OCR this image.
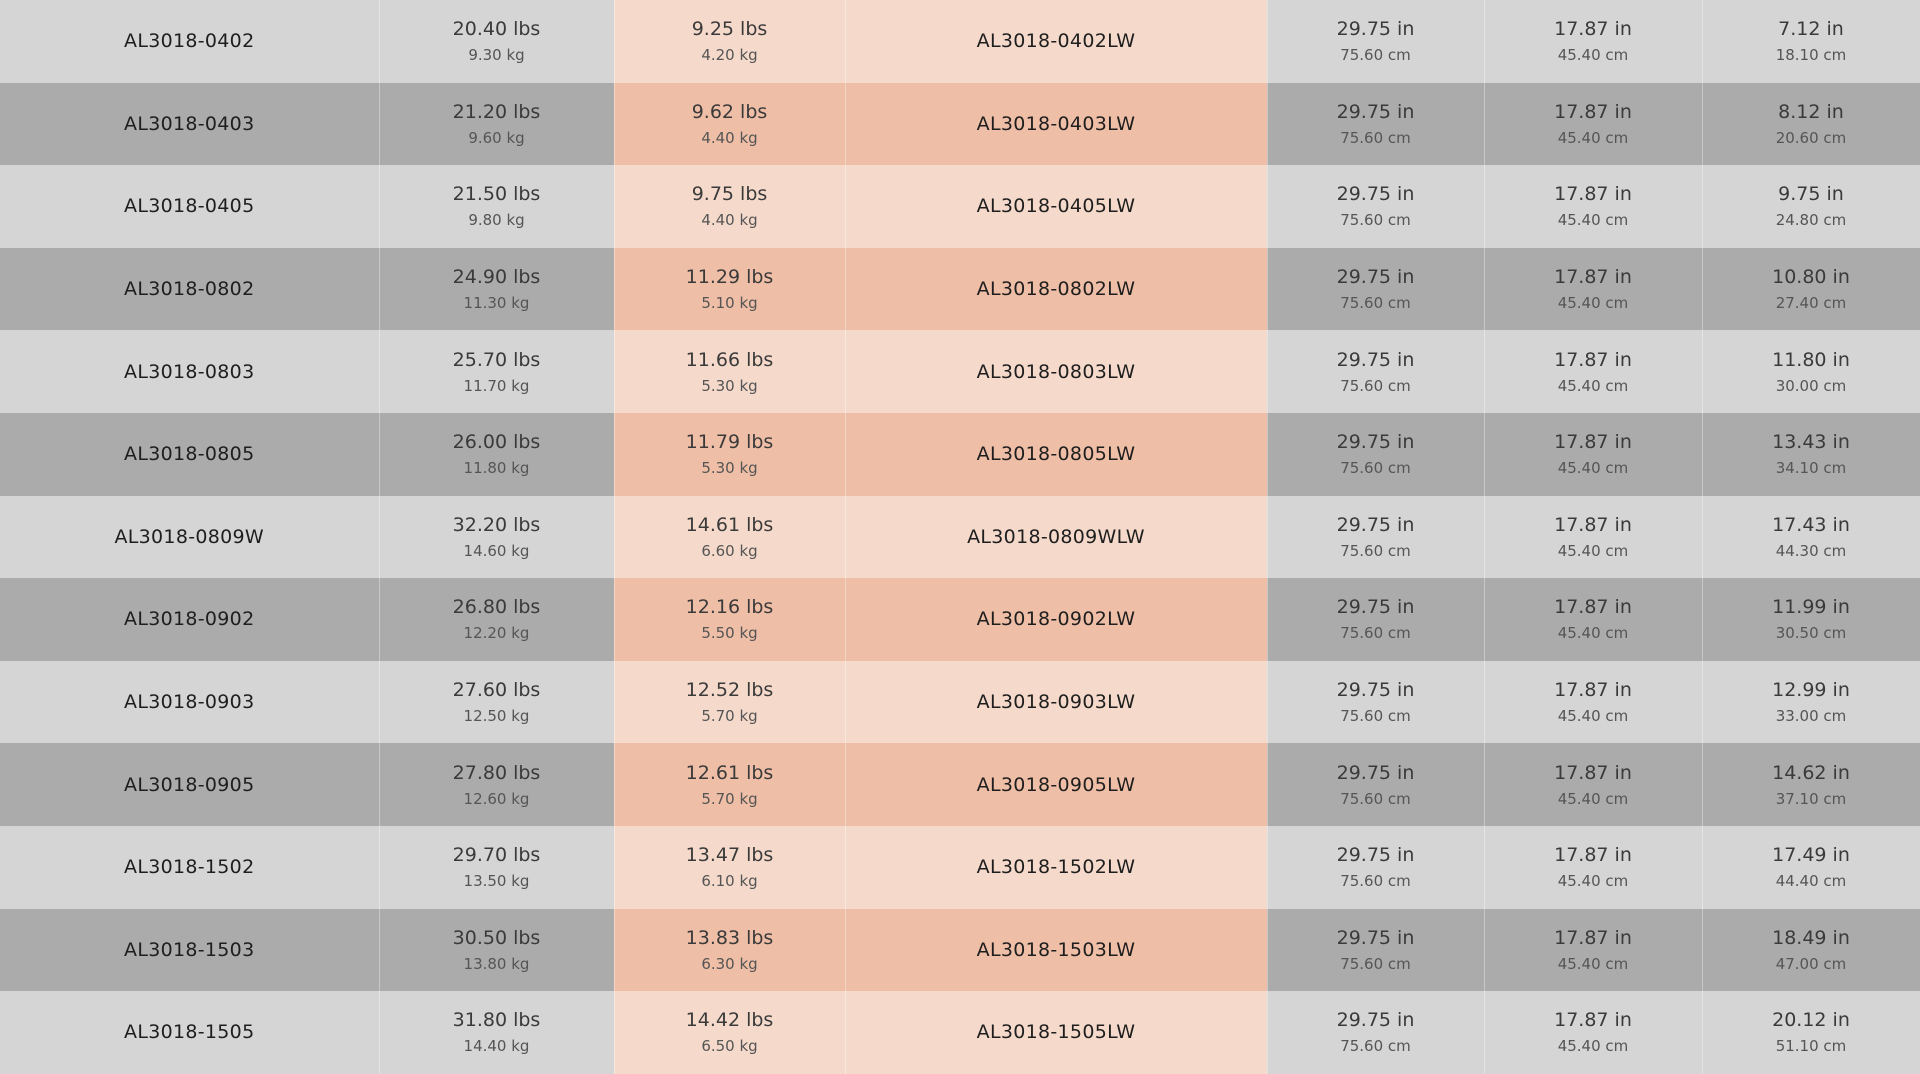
AL3018-0402	20.40 lbs
9.30 kg	9.25 lbs
4.20 kg	AL3018-0402LW	29.75 in
75.60 cm	17.87 in
45.40 cm	7.12 in
18.10 cm

AL3018-0403	21.20 lbs
9.60 kg	9.62 lbs
4.40 kg	AL3018-0403LW	29.75 in
75.60 cm	17.87 in
45.40 cm	8.12 in
20.60 cm

AL3018-0405	21.50 lbs
9.80 kg	9.75 lbs
4.40 kg	AL3018-0405LW	29.75 in
75.60 cm	17.87 in
45.40 cm	9.75 in
24.80 cm

AL3018-0802	24.90 lbs
11.30 kg	11.29 lbs
5.10 kg	AL3018-0802LW	29.75 in
75.60 cm	17.87 in
45.40 cm	10.80 in
27.40 cm

AL3018-0803	25.70 lbs
11.70 kg	11.66 lbs
5.30 kg	AL3018-0803LW	29.75 in
75.60 cm	17.87 in
45.40 cm	11.80 in
30.00 cm

AL3018-0805	26.00 lbs
11.80 kg	11.79 lbs
5.30 kg	AL3018-0805LW	29.75 in
75.60 cm	17.87 in
45.40 cm	13.43 in
34.10 cm

AL3018-0809W	32.20 lbs
14.60 kg	14.61 lbs
6.60 kg	AL3018-0809WLW	29.75 in
75.60 cm	17.87 in
45.40 cm	17.43 in
44.30 cm

AL3018-0902	26.80 lbs
12.20 kg	12.16 lbs
5.50 kg	AL3018-0902LW	29.75 in
75.60 cm	17.87 in
45.40 cm	11.99 in
30.50 cm

AL3018-0903	27.60 lbs
12.50 kg	12.52 lbs
5.70 kg	AL3018-0903LW	29.75 in
75.60 cm	17.87 in
45.40 cm	12.99 in
33.00 cm

AL3018-0905	27.80 lbs
12.60 kg	12.61 lbs
5.70 kg	AL3018-0905LW	29.75 in
75.60 cm	17.87 in
45.40 cm	14.62 in
37.10 cm

AL3018-1502	29.70 lbs
13.50 kg	13.47 lbs
6.10 kg	AL3018-1502LW	29.75 in
75.60 cm	17.87 in
45.40 cm	17.49 in
44.40 cm

AL3018-1503	30.50 lbs
13.80 kg	13.83 lbs
6.30 kg	AL3018-1503LW	29.75 in
75.60 cm	17.87 in
45.40 cm	18.49 in
47.00 cm

AL3018-1505	31.80 lbs
14.40 kg	14.42 lbs
6.50 kg	AL3018-1505LW	29.75 in
75.60 cm	17.87 in
45.40 cm	20.12 in
51.10 cm
